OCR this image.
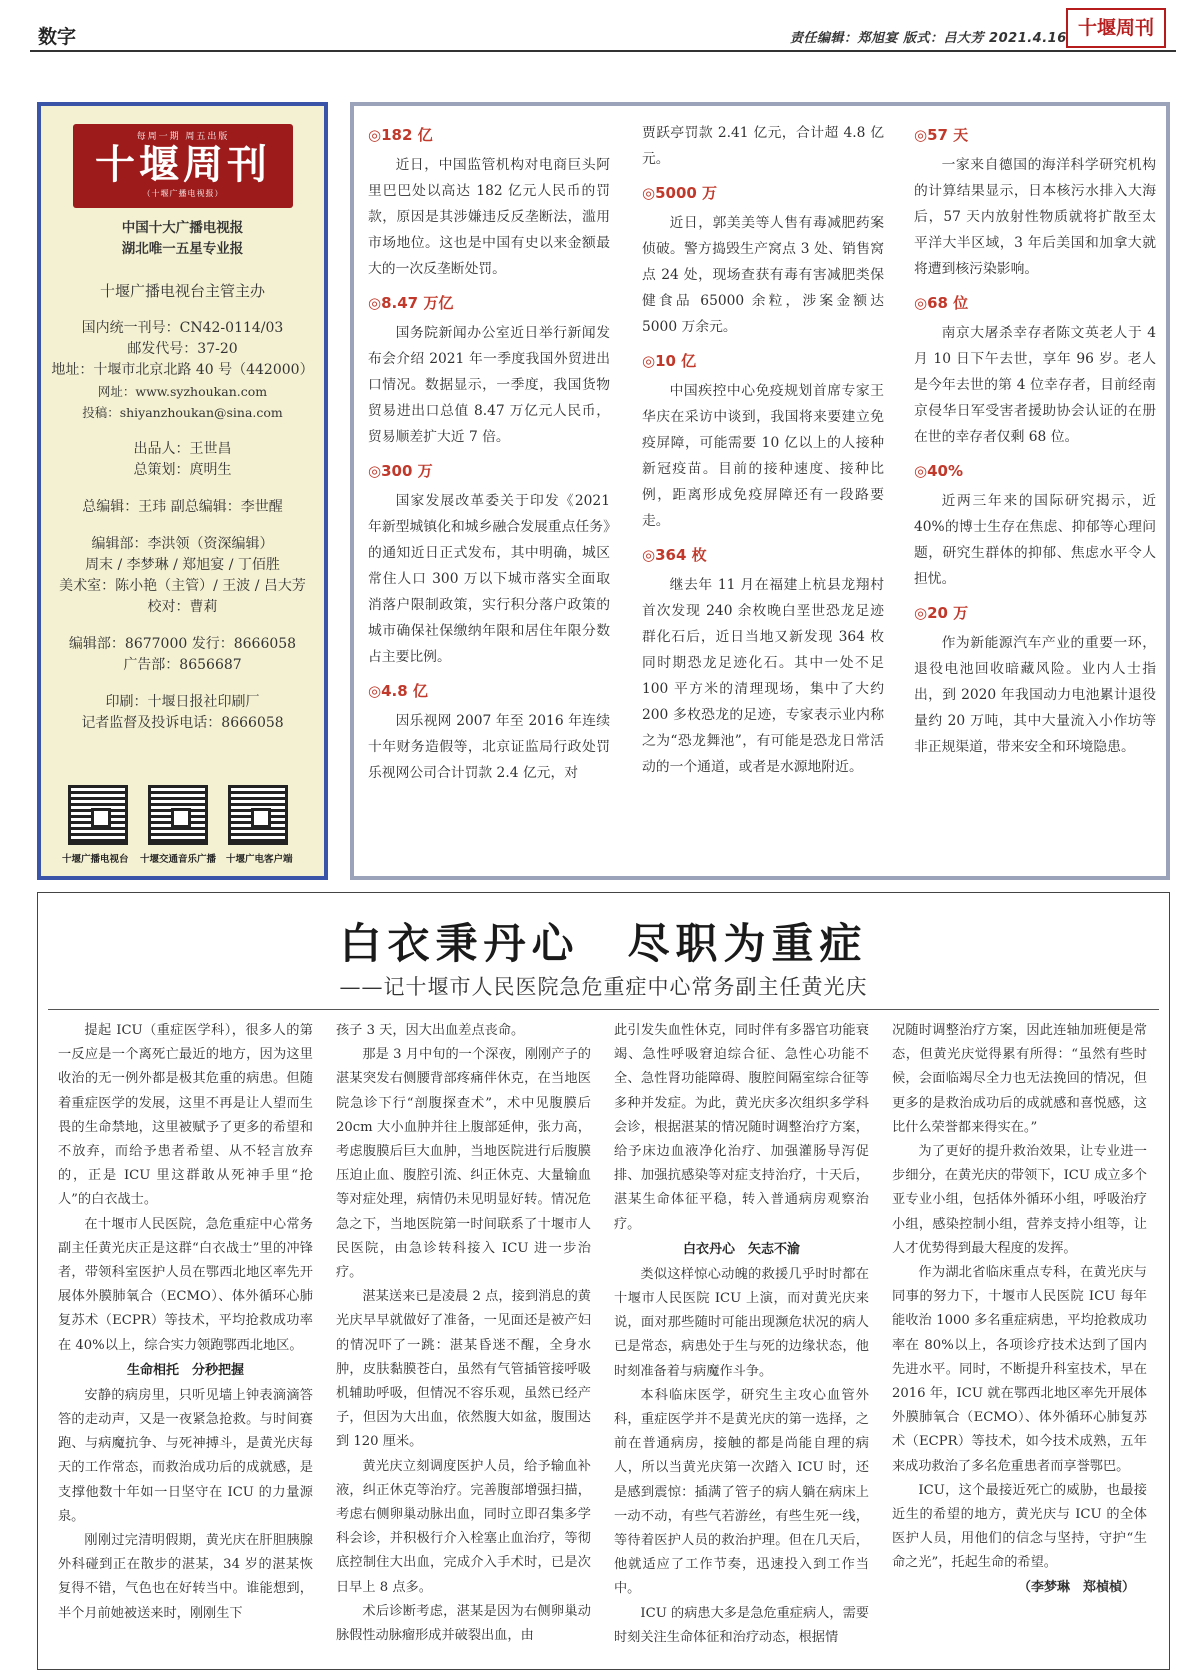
数字	责任编辑：郑旭宴 版式：吕大芳 2021.4.16 十堰周刊
每周一期 周五出版
十堰周刊
（十堰广播电视报）
中国十大广播电视报
湖北唯一五星专业报
十堰广播电视台主管主办
国内统一刊号：CN42-0114/03
邮发代号：37-20
地址：十堰市北京北路 40 号（442000）
网址：www.syzhoukan.com
投稿：shiyanzhoukan@sina.com
出品人：王世昌
总策划：庹明生
总编辑：王玮 副总编辑：李世醒
编辑部：李洪领（资深编辑）
周末 / 李梦琳 / 郑旭宴 / 丁佰胜
美术室：陈小艳（主管）/ 王波 / 吕大芳
校对：曹莉
编辑部：8677000 发行：8666058
广告部：8656687
印刷：十堰日报社印刷厂
记者监督及投诉电话：8666058
十堰广播电视台 十堰交通音乐广播 十堰广电客户端
◎182 亿
近日，中国监管机构对电商巨头阿里巴巴处以高达 182 亿元人民币的罚款，原因是其涉嫌违反反垄断法，滥用市场地位。这也是中国有史以来金额最大的一次反垄断处罚。
◎8.47 万亿
国务院新闻办公室近日举行新闻发布会介绍 2021 年一季度我国外贸进出口情况。数据显示，一季度，我国货物贸易进出口总值 8.47 万亿元人民币，贸易顺差扩大近 7 倍。
◎300 万
国家发展改革委关于印发《2021 年新型城镇化和城乡融合发展重点任务》的通知近日正式发布，其中明确，城区常住人口 300 万以下城市落实全面取消落户限制政策，实行积分落户政策的城市确保社保缴纳年限和居住年限分数占主要比例。
◎4.8 亿
因乐视网 2007 年至 2016 年连续十年财务造假等，北京证监局行政处罚乐视网公司合计罚款 2.4 亿元，对
贾跃亭罚款 2.41 亿元，合计超 4.8 亿元。
◎5000 万
近日，郭美美等人售有毒减肥药案侦破。警方捣毁生产窝点 3 处、销售窝点 24 处，现场查获有毒有害减肥类保健食品 65000 余粒，涉案金额达 5000 万余元。
◎10 亿
中国疾控中心免疫规划首席专家王华庆在采访中谈到，我国将来要建立免疫屏障，可能需要 10 亿以上的人接种新冠疫苗。目前的接种速度、接种比例，距离形成免疫屏障还有一段路要走。
◎364 枚
继去年 11 月在福建上杭县龙翔村首次发现 240 余枚晚白垩世恐龙足迹群化石后，近日当地又新发现 364 枚同时期恐龙足迹化石。其中一处不足 100 平方米的清理现场，集中了大约 200 多枚恐龙的足迹，专家表示业内称之为“恐龙舞池”，有可能是恐龙日常活动的一个通道，或者是水源地附近。
◎57 天
一家来自德国的海洋科学研究机构的计算结果显示，日本核污水排入大海后，57 天内放射性物质就将扩散至太平洋大半区域，3 年后美国和加拿大就将遭到核污染影响。
◎68 位
南京大屠杀幸存者陈文英老人于 4 月 10 日下午去世，享年 96 岁。老人是今年去世的第 4 位幸存者，目前经南京侵华日军受害者援助协会认证的在册在世的幸存者仅剩 68 位。
◎40%
近两三年来的国际研究揭示，近 40%的博士生存在焦虑、抑郁等心理问题，研究生群体的抑郁、焦虑水平令人担忧。
◎20 万
作为新能源汽车产业的重要一环，退役电池回收暗藏风险。业内人士指出，到 2020 年我国动力电池累计退役量约 20 万吨，其中大量流入小作坊等非正规渠道，带来安全和环境隐患。
白衣秉丹心　尽职为重症
——记十堰市人民医院急危重症中心常务副主任黄光庆

提起 ICU（重症医学科），很多人的第一反应是一个离死亡最近的地方，因为这里收治的无一例外都是极其危重的病患。但随着重症医学的发展，这里不再是让人望而生畏的生命禁地，这里被赋予了更多的希望和不放弃，而给予患者希望、从不轻言放弃的，正是 ICU 里这群敢从死神手里“抢人”的白衣战士。

在十堰市人民医院，急危重症中心常务副主任黄光庆正是这群“白衣战士”里的冲锋者，带领科室医护人员在鄂西北地区率先开展体外膜肺氧合（ECMO）、体外循环心肺复苏术（ECPR）等技术，平均抢救成功率在 40%以上，综合实力领跑鄂西北地区。

生命相托　分秒把握

安静的病房里，只听见墙上钟表滴滴答答的走动声，又是一夜紧急抢救。与时间赛跑、与病魔抗争、与死神搏斗，是黄光庆每天的工作常态，而救治成功后的成就感，是支撑他数十年如一日坚守在 ICU 的力量源泉。

刚刚过完清明假期，黄光庆在肝胆胰腺外科碰到正在散步的湛某，34 岁的湛某恢复得不错，气色也在好转当中。谁能想到，半个月前她被送来时，刚刚生下

孩子 3 天，因大出血差点丧命。

那是 3 月中旬的一个深夜，刚刚产子的湛某突发右侧腰背部疼痛伴休克，在当地医院急诊下行“剖腹探查术”，术中见腹膜后 20cm 大小血肿并往上腹部延伸，张力高，考虑腹膜后巨大血肿，当地医院进行后腹膜压迫止血、腹腔引流、纠正休克、大量输血等对症处理，病情仍未见明显好转。情况危急之下，当地医院第一时间联系了十堰市人民医院，由急诊转科接入 ICU 进一步治疗。

湛某送来已是凌晨 2 点，接到消息的黄光庆早早就做好了准备，一见面还是被产妇的情况吓了一跳：湛某昏迷不醒，全身水肿，皮肤黏膜苍白，虽然有气管插管接呼吸机辅助呼吸，但情况不容乐观，虽然已经产子，但因为大出血，依然腹大如盆，腹围达到 120 厘米。

黄光庆立刻调度医护人员，给予输血补液，纠正休克等治疗。完善腹部增强扫描，考虑右侧卵巢动脉出血，同时立即召集多学科会诊，并积极行介入栓塞止血治疗，等彻底控制住大出血，完成介入手术时，已是次日早上 8 点多。

术后诊断考虑，湛某是因为右侧卵巢动脉假性动脉瘤形成并破裂出血，由

此引发失血性休克，同时伴有多器官功能衰竭、急性呼吸窘迫综合征、急性心功能不全、急性肾功能障碍、腹腔间隔室综合征等多种并发症。为此，黄光庆多次组织多学科会诊，根据湛某的情况随时调整治疗方案，给予床边血液净化治疗、加强灌肠导泻促排、加强抗感染等对症支持治疗，十天后，湛某生命体征平稳，转入普通病房观察治疗。

白衣丹心　矢志不渝

类似这样惊心动魄的救援几乎时时都在十堰市人民医院 ICU 上演，而对黄光庆来说，面对那些随时可能出现濒危状况的病人已是常态，病患处于生与死的边缘状态，他时刻准备着与病魔作斗争。

本科临床医学，研究生主攻心血管外科，重症医学并不是黄光庆的第一选择，之前在普通病房，接触的都是尚能自理的病人，所以当黄光庆第一次踏入 ICU 时，还是感到震惊：插满了管子的病人躺在病床上一动不动，有些气若游丝，有些生死一线，等待着医护人员的救治护理。但在几天后，他就适应了工作节奏，迅速投入到工作当中。

ICU 的病患大多是急危重症病人，需要时刻关注生命体征和治疗动态，根据情

况随时调整治疗方案，因此连轴加班便是常态，但黄光庆觉得累有所得：“虽然有些时候，会面临竭尽全力也无法挽回的情况，但更多的是救治成功后的成就感和喜悦感，这比什么荣誉都来得实在。”

为了更好的提升救治效果，让专业进一步细分，在黄光庆的带领下，ICU 成立多个亚专业小组，包括体外循环小组，呼吸治疗小组，感染控制小组，营养支持小组等，让人才优势得到最大程度的发挥。

作为湖北省临床重点专科，在黄光庆与同事的努力下，十堰市人民医院 ICU 每年能收治 1000 多名重症病患，平均抢救成功率在 80%以上，各项诊疗技术达到了国内先进水平。同时，不断提升科室技术，早在 2016 年，ICU 就在鄂西北地区率先开展体外膜肺氧合（ECMO）、体外循环心肺复苏术（ECPR）等技术，如今技术成熟，五年来成功救治了多名危重患者而享誉鄂巴。

ICU，这个最接近死亡的威胁，也最接近生的希望的地方，黄光庆与 ICU 的全体医护人员，用他们的信念与坚持，守护“生命之光”，托起生命的希望。

（李梦琳　郑楨楨）
